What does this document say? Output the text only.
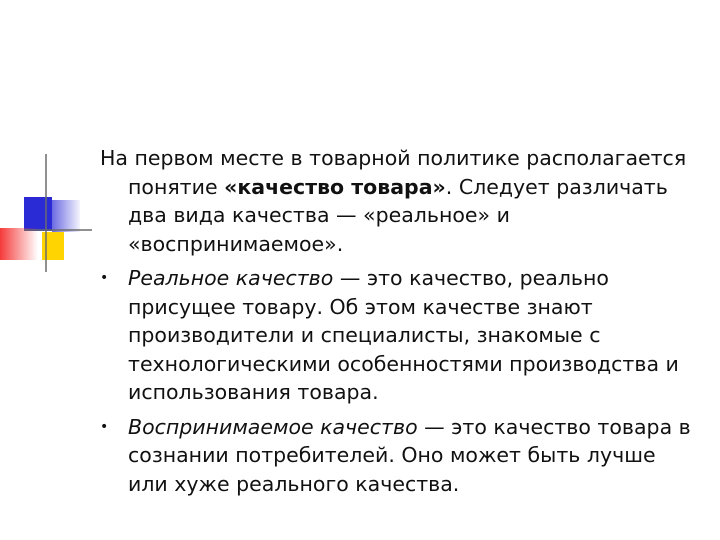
На первом месте в товарной политике располагается понятие «качество товара». Следует различать два вида качества — «реальное» и «воспринимаемое».

• Реальное качество — это качество, реально присущее товару. Об этом качестве знают производители и специалисты, знакомые с технологическими особенностями производства и использования товара.
• Воспринимаемое качество — это качество товара в сознании потребителей. Оно может быть лучше или хуже реального качества.
